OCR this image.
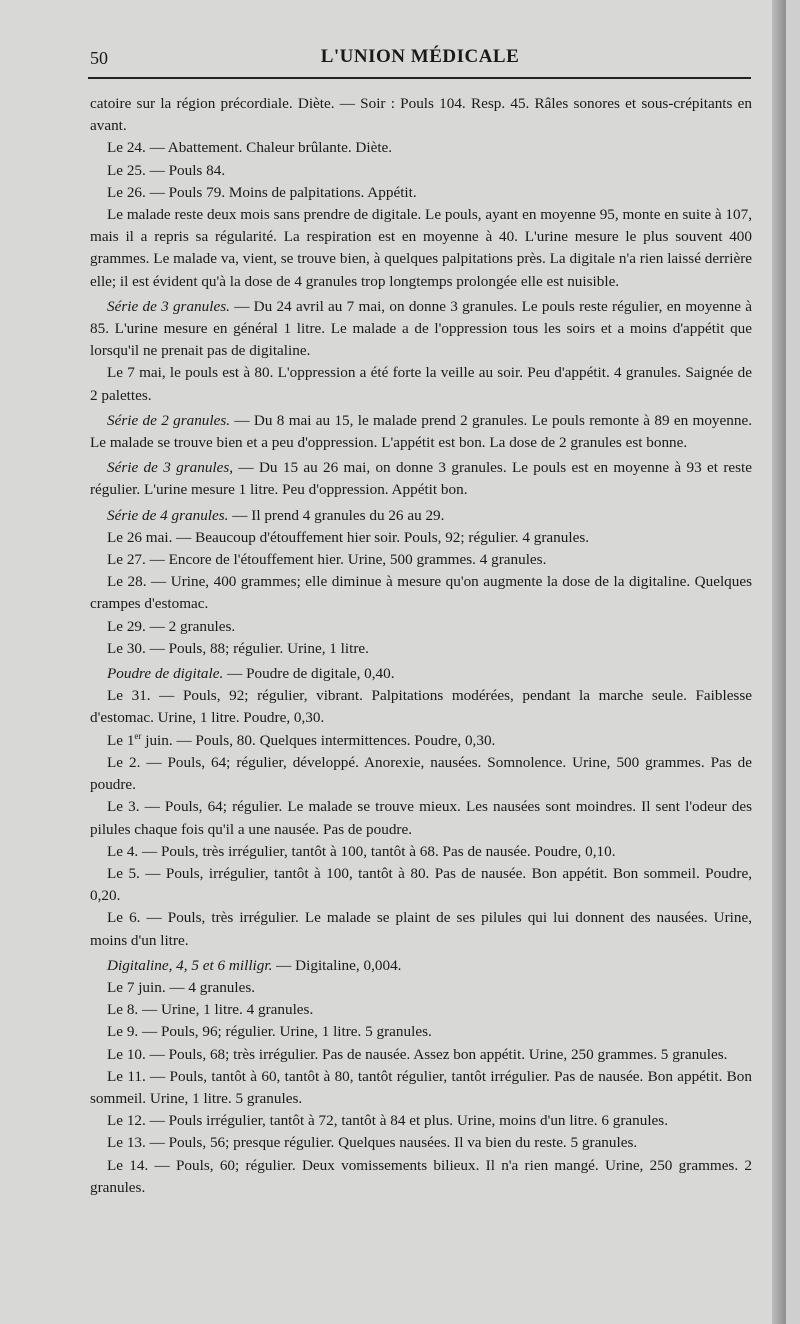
50	L'UNION MÉDICALE

catoire sur la région précordiale. Diète. — Soir : Pouls 104. Resp. 45. Râles sonores et sous-crépitants en avant.

Le 24. — Abattement. Chaleur brûlante. Diète.

Le 25. — Pouls 84.

Le 26. — Pouls 79. Moins de palpitations. Appétit.

Le malade reste deux mois sans prendre de digitale. Le pouls, ayant en moyenne 95, monte en suite à 107, mais il a repris sa régularité. La respiration est en moyenne à 40. L'urine mesure le plus souvent 400 grammes. Le malade va, vient, se trouve bien, à quelques palpitations près. La digitale n'a rien laissé derrière elle; il est évident qu'à la dose de 4 granules trop longtemps prolongée elle est nuisible.

Série de 3 granules. — Du 24 avril au 7 mai, on donne 3 granules. Le pouls reste régulier, en moyenne à 85. L'urine mesure en général 1 litre. Le malade a de l'oppression tous les soirs et a moins d'appétit que lorsqu'il ne prenait pas de digitaline.

Le 7 mai, le pouls est à 80. L'oppression a été forte la veille au soir. Peu d'appétit. 4 granules. Saignée de 2 palettes.

Série de 2 granules. — Du 8 mai au 15, le malade prend 2 granules. Le pouls remonte à 89 en moyenne. Le malade se trouve bien et a peu d'oppression. L'appétit est bon. La dose de 2 granules est bonne.

Série de 3 granules, — Du 15 au 26 mai, on donne 3 granules. Le pouls est en moyenne à 93 et reste régulier. L'urine mesure 1 litre. Peu d'oppression. Appétit bon.

Série de 4 granules. — Il prend 4 granules du 26 au 29.

Le 26 mai. — Beaucoup d'étouffement hier soir. Pouls, 92; régulier. 4 granules.

Le 27. — Encore de l'étouffement hier. Urine, 500 grammes. 4 granules.

Le 28. — Urine, 400 grammes; elle diminue à mesure qu'on augmente la dose de la digitaline. Quelques crampes d'estomac.

Le 29. — 2 granules.

Le 30. — Pouls, 88; régulier. Urine, 1 litre.

Poudre de digitale. — Poudre de digitale, 0,40.

Le 31. — Pouls, 92; régulier, vibrant. Palpitations modérées, pendant la marche seule. Faiblesse d'estomac. Urine, 1 litre. Poudre, 0,30.

Le 1er juin. — Pouls, 80. Quelques intermittences. Poudre, 0,30.

Le 2. — Pouls, 64; régulier, développé. Anorexie, nausées. Somnolence. Urine, 500 grammes. Pas de poudre.

Le 3. — Pouls, 64; régulier. Le malade se trouve mieux. Les nausées sont moindres. Il sent l'odeur des pilules chaque fois qu'il a une nausée. Pas de poudre.

Le 4. — Pouls, très irrégulier, tantôt à 100, tantôt à 68. Pas de nausée. Poudre, 0,10.

Le 5. — Pouls, irrégulier, tantôt à 100, tantôt à 80. Pas de nausée. Bon appétit. Bon sommeil. Poudre, 0,20.

Le 6. — Pouls, très irrégulier. Le malade se plaint de ses pilules qui lui donnent des nausées. Urine, moins d'un litre.

Digitaline, 4, 5 et 6 milligr. — Digitaline, 0,004.

Le 7 juin. — 4 granules.

Le 8. — Urine, 1 litre. 4 granules.

Le 9. — Pouls, 96; régulier. Urine, 1 litre. 5 granules.

Le 10. — Pouls, 68; très irrégulier. Pas de nausée. Assez bon appétit. Urine, 250 grammes. 5 granules.

Le 11. — Pouls, tantôt à 60, tantôt à 80, tantôt régulier, tantôt irrégulier. Pas de nausée. Bon appétit. Bon sommeil. Urine, 1 litre. 5 granules.

Le 12. — Pouls irrégulier, tantôt à 72, tantôt à 84 et plus. Urine, moins d'un litre. 6 granules.

Le 13. — Pouls, 56; presque régulier. Quelques nausées. Il va bien du reste. 5 granules.

Le 14. — Pouls, 60; régulier. Deux vomissements bilieux. Il n'a rien mangé. Urine, 250 grammes. 2 granules.
